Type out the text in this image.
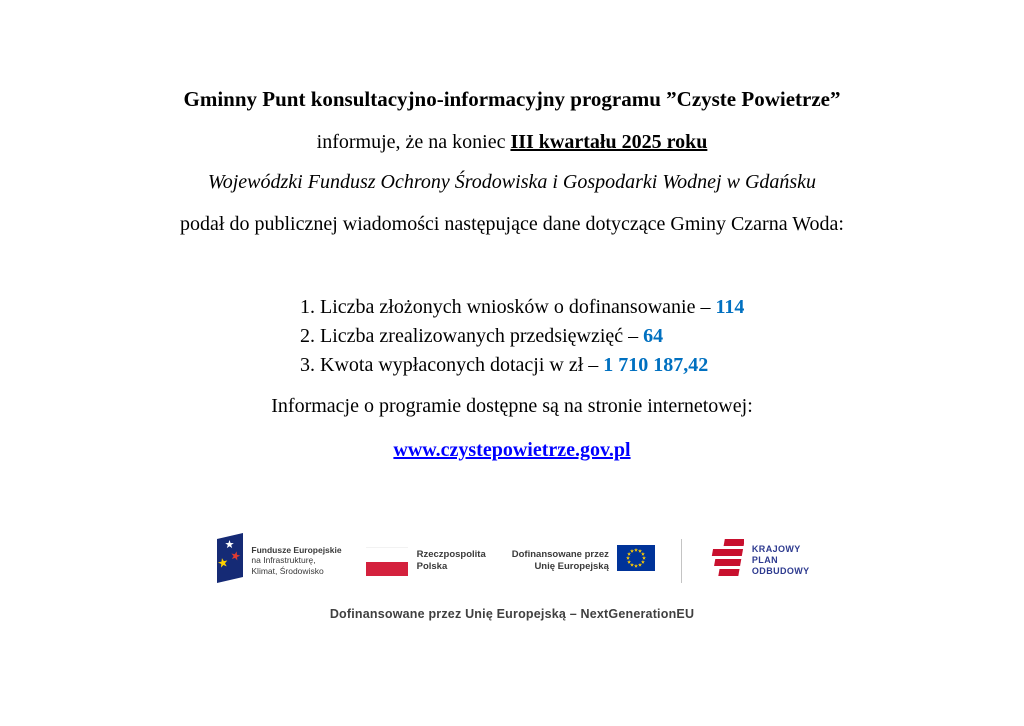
Gminny Punt konsultacyjno-informacyjny programu ”Czyste Powietrze”

informuje, że na koniec III kwartału 2025 roku

Wojewódzki Fundusz Ochrony Środowiska i Gospodarki Wodnej w Gdańsku

podał do publicznej wiadomości następujące dane dotyczące Gminy Czarna Woda:

1. Liczba złożonych wniosków o dofinansowanie – 114
2. Liczba zrealizowanych przedsięwzięć – 64
3. Kwota wypłaconych dotacji w zł – 1 710 187,42

Informacje o programie dostępne są na stronie internetowej:

www.czystepowietrze.gov.pl

Fundusze Europejskie
na Infrastrukturę,
Klimat, Środowisko
Rzeczpospolita
Polska
Dofinansowane przez
Unię Europejską
KRAJOWY
PLAN
ODBUDOWY
Dofinansowane przez Unię Europejską – NextGenerationEU
